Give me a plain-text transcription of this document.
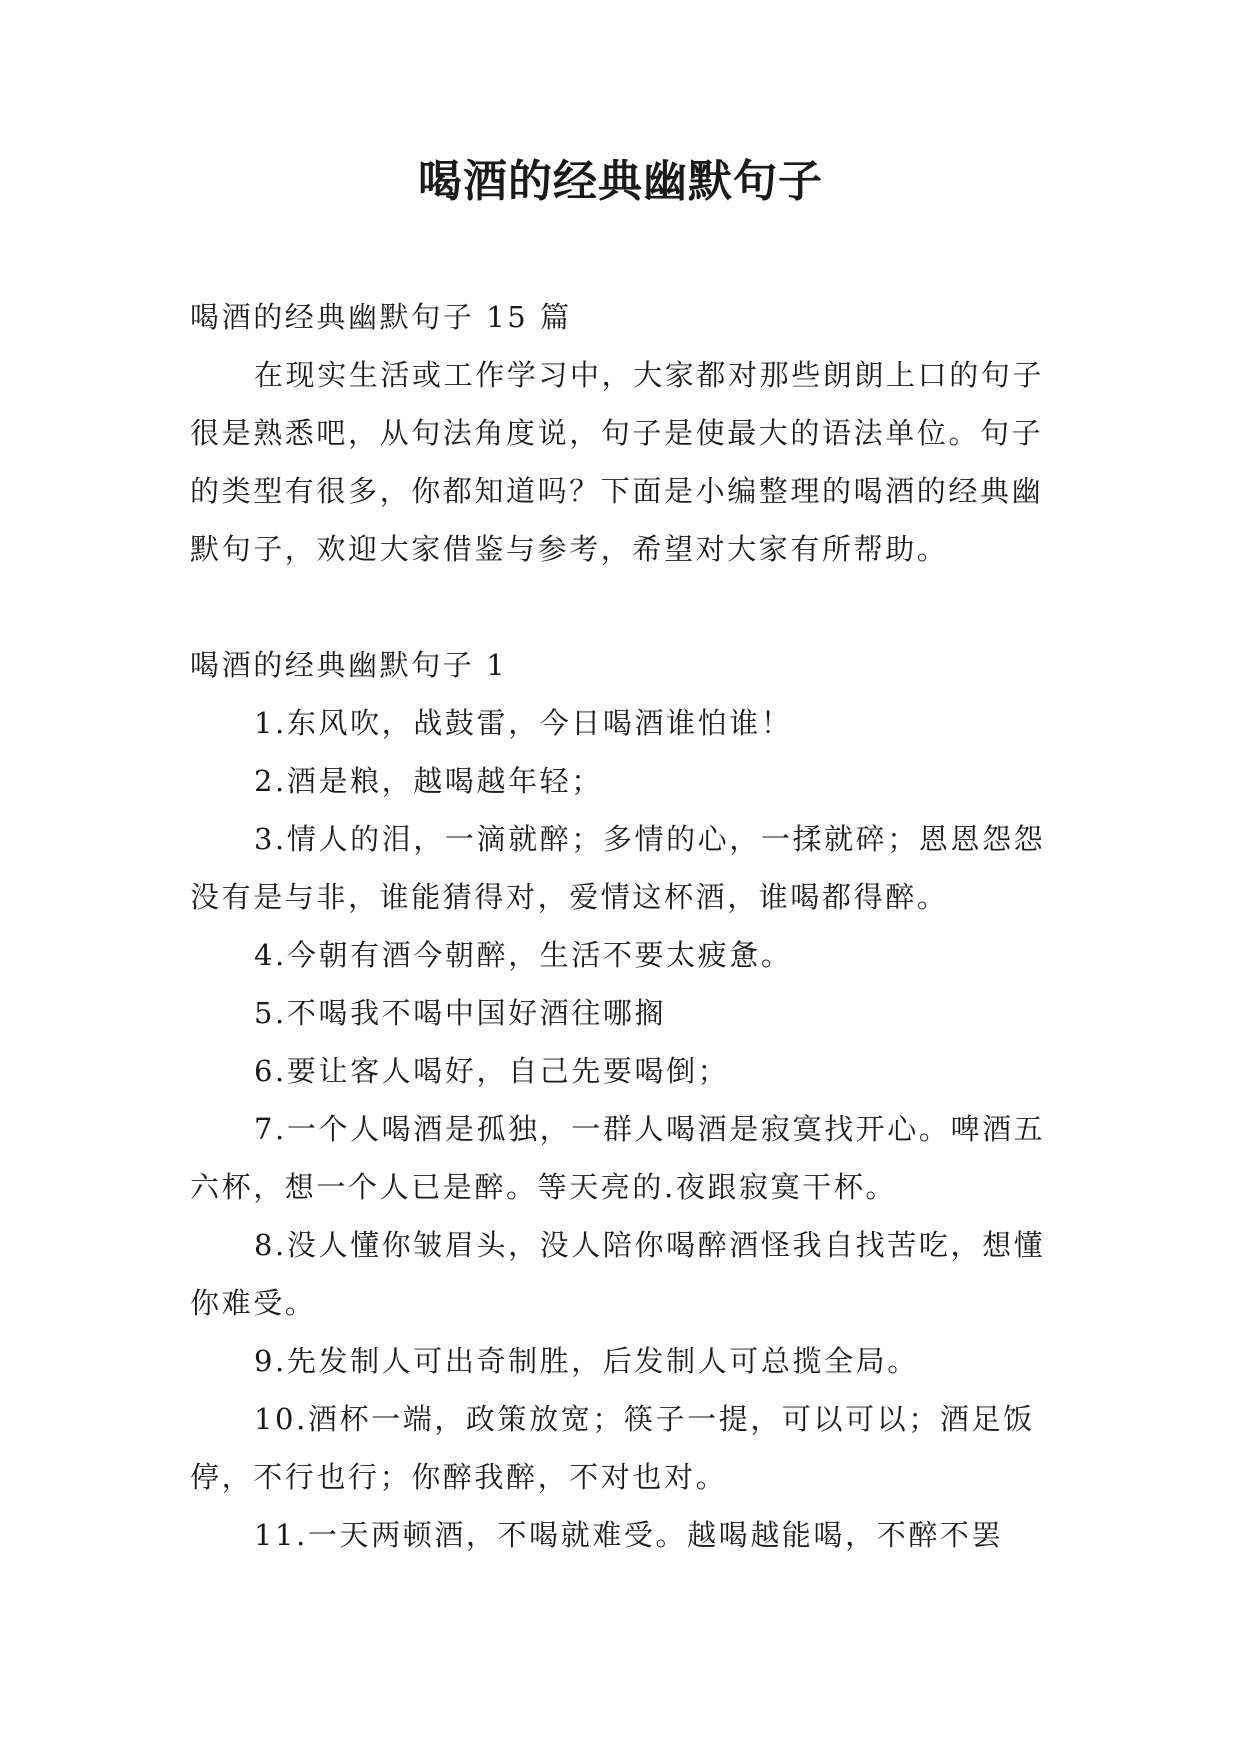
喝酒的经典幽默句子

喝酒的经典幽默句子 15 篇

在现实生活或工作学习中，大家都对那些朗朗上口的句子很是熟悉吧，从句法角度说，句子是使最大的语法单位。句子的类型有很多，你都知道吗？下面是小编整理的喝酒的经典幽默句子，欢迎大家借鉴与参考，希望对大家有所帮助。

喝酒的经典幽默句子 1

1.东风吹，战鼓雷，今日喝酒谁怕谁！

2.酒是粮，越喝越年轻；

3.情人的泪，一滴就醉；多情的心，一揉就碎；恩恩怨怨没有是与非，谁能猜得对，爱情这杯酒，谁喝都得醉。

4.今朝有酒今朝醉，生活不要太疲惫。

5.不喝我不喝中国好酒往哪搁

6.要让客人喝好，自己先要喝倒；

7.一个人喝酒是孤独，一群人喝酒是寂寞找开心。啤酒五六杯，想一个人已是醉。等天亮的.夜跟寂寞干杯。

8.没人懂你皱眉头，没人陪你喝醉酒怪我自找苦吃，想懂你难受。

9.先发制人可出奇制胜，后发制人可总揽全局。

10.酒杯一端，政策放宽；筷子一提，可以可以；酒足饭停，不行也行；你醉我醉，不对也对。

11.一天两顿酒，不喝就难受。越喝越能喝，不醉不罢
